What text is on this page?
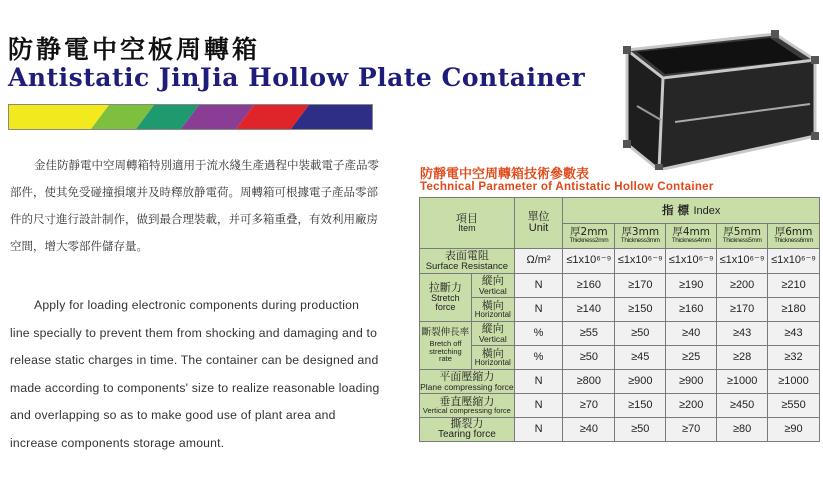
防静電中空板周轉箱
Antistatic JinJia Hollow Plate Container

金佳防靜電中空周轉箱特別適用于流水綫生產過程中裝載電子產品零部件，使其免受碰撞損壞并及時釋放静電荷。周轉箱可根據電子產品零部件的尺寸進行設計制作，做到最合理裝載，并可多箱重叠，有效利用廠房空間，增大零部件儲存量。

Apply for loading electronic components during production line specially to prevent them from shocking and damaging and to release static charges in time. The container can be designed and made according to components' size to realize reasonable loading and overlapping so as to make good use of plant area and increase components storage amount.

防靜電中空周轉箱技術參數表
Technical Parameter of Antistatic Hollow Container
項目
Item		單位
Unit	指 標 Index				

			厚2mm
Thickness2mm	厚3mm
Thickness3mm	厚4mm
Thickness4mm	厚5mm
Thickness5mm	厚6mm
Thickness6mm

表面電阻
Surface Resistance		Ω/m²	≤1x10⁶⁻⁹	≤1x10⁶⁻⁹	≤1x10⁶⁻⁹	≤1x10⁶⁻⁹	≤1x10⁶⁻⁹

拉斷力
Stretch force	縱向
Vertical	N	≥160	≥170	≥190	≥200	≥210

	橫向
Horizontal	N	≥140	≥150	≥160	≥170	≥180

斷裂伸長率
Bretch off stretching rate	縱向
Vertical	%	≥55	≥50	≥40	≥43	≥43

	橫向
Horizontal	%	≥50	≥45	≥25	≥28	≥32

平面壓縮力
Plane compressing force		N	≥800	≥900	≥900	≥1000	≥1000

垂直壓縮力
Vertical compressing force		N	≥70	≥150	≥200	≥450	≥550

撕裂力
Tearing force		N	≥40	≥50	≥70	≥80	≥90
